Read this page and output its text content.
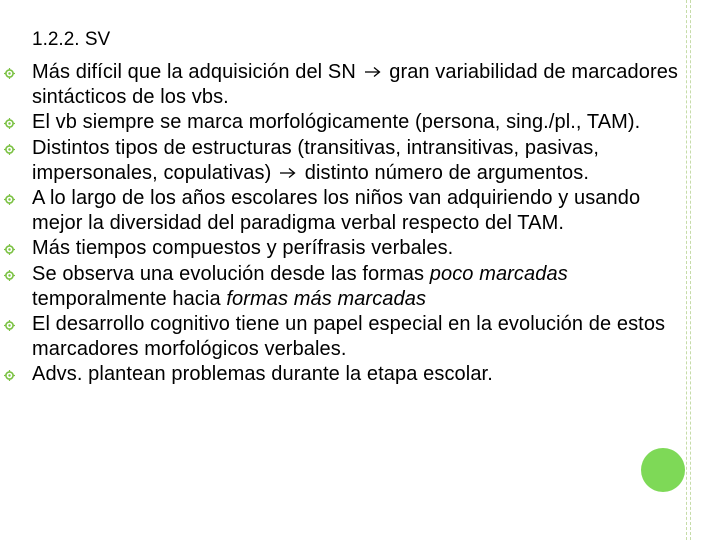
1.2.2. SV
Más difícil que la adquisición del SN gran variabilidad de marcadores sintácticos de los vbs.
El vb siempre se marca morfológicamente (persona, sing./pl., TAM).
Distintos tipos de estructuras (transitivas, intransitivas, pasivas, impersonales, copulativas) distinto número de argumentos.
A lo largo de los años escolares los niños van adquiriendo y usando mejor la diversidad del paradigma verbal respecto del TAM.
Más tiempos compuestos y perífrasis verbales.
Se observa una evolución desde las formas poco marcadas temporalmente hacia formas más marcadas
El desarrollo cognitivo tiene un papel especial en la evolución de estos marcadores morfológicos verbales.
Advs. plantean problemas durante la etapa escolar.
